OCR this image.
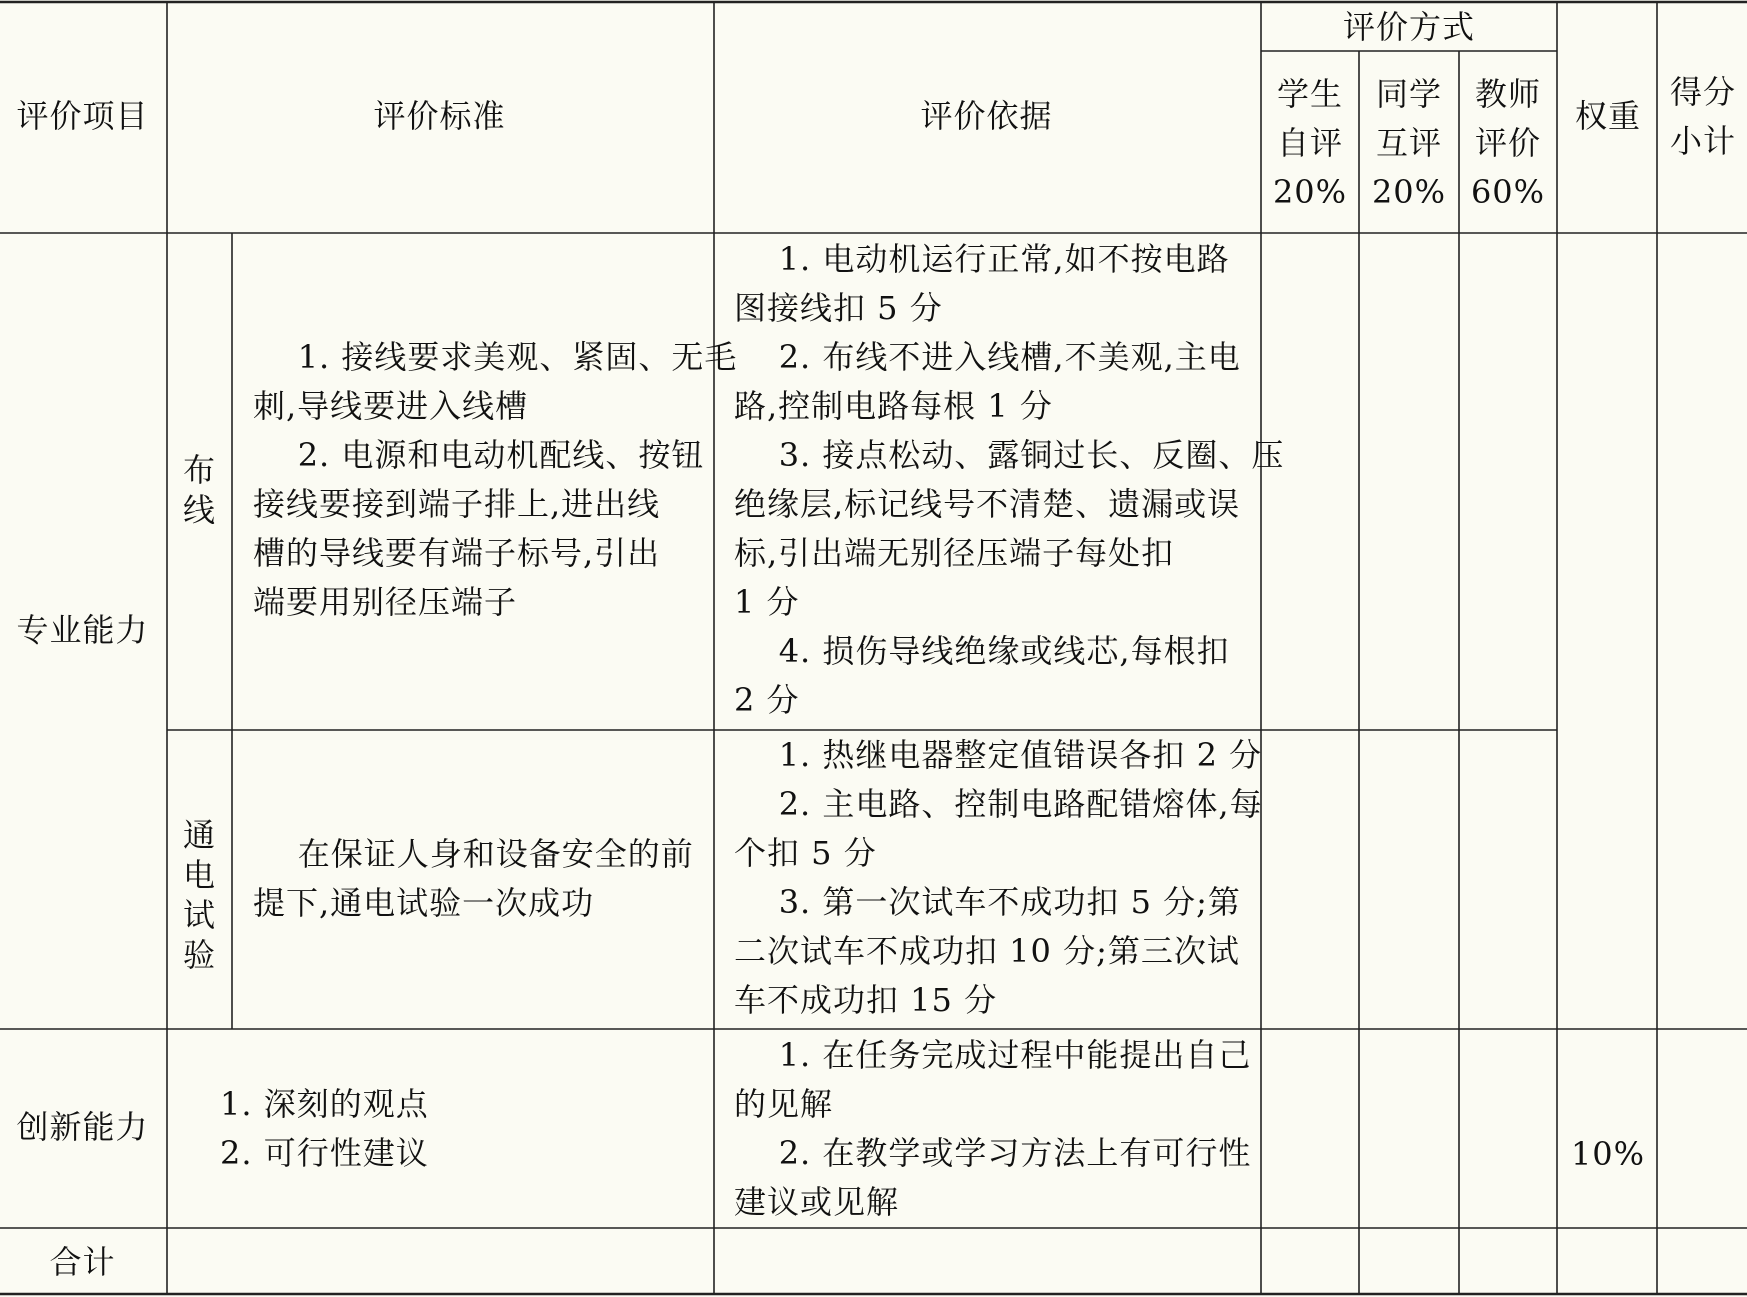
评价项目	评价标准	评价依据
评价方式
学生
自评
20%
同学
互评
20%
教师
评价
60%
权重
得分
小计
专业能力
布
线
1. 接线要求美观、紧固、无毛
刺,导线要进入线槽
2. 电源和电动机配线、按钮
接线要接到端子排上,进出线
槽的导线要有端子标号,引出
端要用别径压端子
1. 电动机运行正常,如不按电路
图接线扣 5 分
2. 布线不进入线槽,不美观,主电
路,控制电路每根 1 分
3. 接点松动、露铜过长、反圈、压
绝缘层,标记线号不清楚、遗漏或误
标,引出端无别径压端子每处扣
1 分
4. 损伤导线绝缘或线芯,每根扣
2 分
通
电
试
验
在保证人身和设备安全的前
提下,通电试验一次成功
1. 热继电器整定值错误各扣 2 分
2. 主电路、控制电路配错熔体,每
个扣 5 分
3. 第一次试车不成功扣 5 分;第
二次试车不成功扣 10 分;第三次试
车不成功扣 15 分
创新能力
1. 深刻的观点
2. 可行性建议
1. 在任务完成过程中能提出自己
的见解
2. 在教学或学习方法上有可行性
建议或见解
10%
合计
